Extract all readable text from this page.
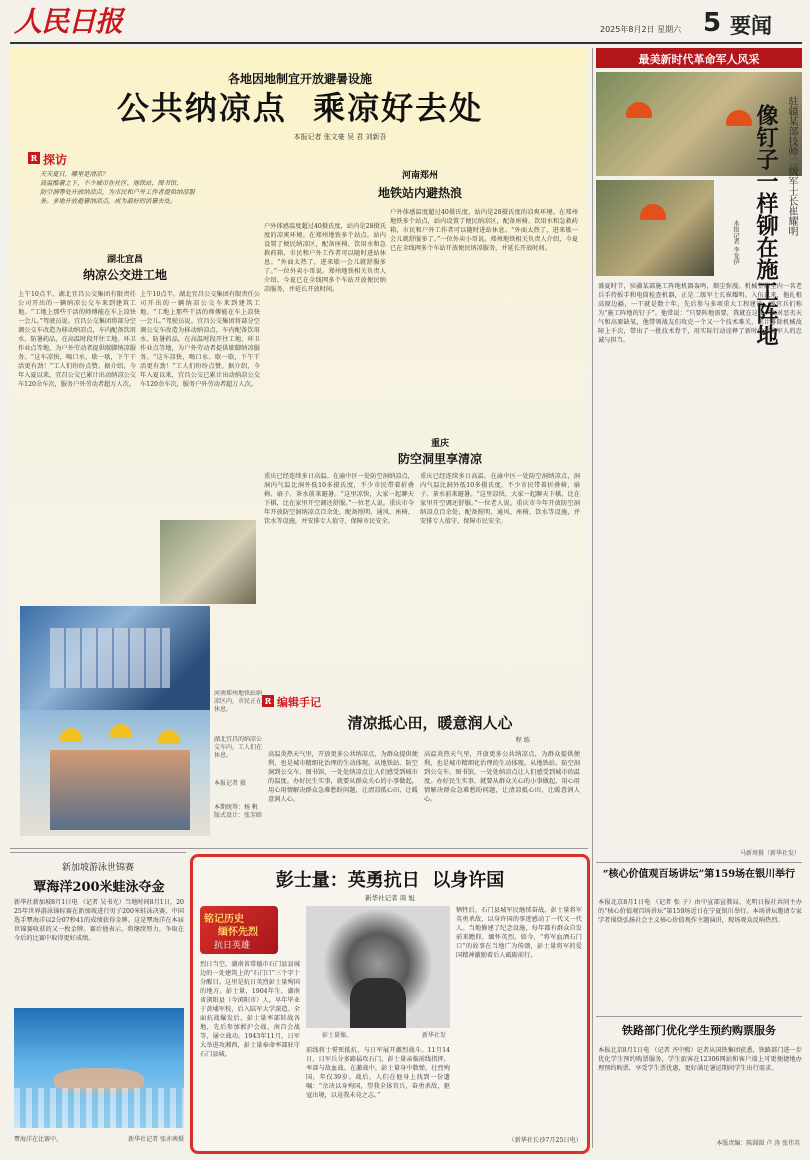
人民日报	2025年8月2日 星期六 5 要闻
各地因地制宜开放避暑设施
公共纳凉点  乘凉好去处
本报记者 张文豪 吴 君 刘新吾
R 探访
天天夏日，哪里是清凉？
高温酷暑之下，不少城市在社区、地铁站、图书馆、
防空洞等处开放纳凉点，为市民和户外工作者提供纳凉服
务。多地开放避暑纳凉点，成为最好的消暑去处。
湖北宜昌
纳凉公交进工地
上午10点半，湖北宜昌公交集团有限责任公司开出的一辆纳凉公交车来到建筑工地。“工地上那些干活的师傅能在车上凉快一会儿。”驾驶员说。宜昌公交集团将部分空调公交车改造为移动纳凉点，车内配备饮用水、防暑药品，在高温时段开往工地、环卫作业点等地，为户外劳动者提供歇脚纳凉服务。“这车凉快，喝口水、歇一歇，下午干活更有劲！”工人们纷纷点赞。据介绍，今年入夏以来，宜昌公交已累计出动纳凉公交车120余车次，服务户外劳动者超万人次。
上午10点半，湖北宜昌公交集团有限责任公司开出的一辆纳凉公交车来到建筑工地。“工地上那些干活的师傅能在车上凉快一会儿。”驾驶员说。宜昌公交集团将部分空调公交车改造为移动纳凉点，车内配备饮用水、防暑药品，在高温时段开往工地、环卫作业点等地，为户外劳动者提供歇脚纳凉服务。“这车凉快，喝口水、歇一歇，下午干活更有劲！”工人们纷纷点赞。据介绍，今年入夏以来，宜昌公交已累计出动纳凉公交车120余车次，服务户外劳动者超万人次。
户外体感温度超过40摄氏度，站内是28摄氏度的凉爽环境。在郑州地铁多个站点，站内设置了便民纳凉区，配备座椅、饮用水和急救药箱，市民和户外工作者可以随时进站休息。“外面太热了，进来歇一会儿就舒服多了。”一位外卖小哥说。郑州地铁相关负责人介绍，今夏已在全线网多个车站开放便民纳凉服务，并延长开放时间。
河南郑州
地铁站内避热浪
户外体感温度超过40摄氏度，站内是28摄氏度的凉爽环境。在郑州地铁多个站点，站内设置了便民纳凉区，配备座椅、饮用水和急救药箱，市民和户外工作者可以随时进站休息。“外面太热了，进来歇一会儿就舒服多了。”一位外卖小哥说。郑州地铁相关负责人介绍，今夏已在全线网多个车站开放便民纳凉服务，并延长开放时间。
重庆
防空洞里享清凉
重庆已经连续多日高温。在渝中区一处防空洞纳凉点，洞内气温比洞外低10多摄氏度，不少市民带着折叠椅、扇子、茶水前来避暑。“这里凉快，大家一起聊天下棋，比在家里开空调还舒服。”一位老人说。重庆市今年开放防空洞纳凉点百余处，配备照明、通风、座椅、饮水等设施，并安排专人值守，保障市民安全。
重庆已经连续多日高温。在渝中区一处防空洞纳凉点，洞内气温比洞外低10多摄氏度，不少市民带着折叠椅、扇子、茶水前来避暑。“这里凉快，大家一起聊天下棋，比在家里开空调还舒服。”一位老人说。重庆市今年开放防空洞纳凉点百余处，配备照明、通风、座椅、饮水等设施，并安排专人值守，保障市民安全。
河南郑州地铁站纳凉区内，市民正在休息。
湖北宜昌的纳凉公交车内，工人们在休息。
本报记者 摄
本期统筹：杨 帆
版式设计：张芳晗
R 编辑手记
清凉抵心田，暖意润人心
程 练
高温炎热天气里，开放更多公共纳凉点，为群众提供便利，也是城市精细化治理的生动体现。从地铁站、防空洞到公交车、图书馆，一处处纳凉点让人们感受到城市的温度。办好民生实事，就要从群众关心的小事做起，用心用情解决群众急难愁盼问题，让清凉抵心田，让暖意润人心。
高温炎热天气里，开放更多公共纳凉点，为群众提供便利，也是城市精细化治理的生动体现。从地铁站、防空洞到公交车、图书馆，一处处纳凉点让人们感受到城市的温度。办好民生实事，就要从群众关心的小事做起，用心用情解决群众急难愁盼问题，让清凉抵心田，让暖意润人心。
最美新时代革命军人风采
像钉子一样铆在施工阵地 驻疆某部技师二级军士长崔耀明
本报记者 李龙伊
盛夏时节，驻疆某部施工阵地机器轰鸣，烟尘弥漫。机械整修室内一名老兵手持扳手和电筒检查机器，正是二级军士长崔耀明。入伍以来，他扎根高原边疆，一干就是数十年，先后参与多项重大工程建设，被官兵们称为“施工阵地的钉子”。他常说：“只要阵地需要，我就在这里。”面对恶劣天气和高原缺氧，他带领战友们攻克一个又一个技术难关，累计排除机械故障上千次，带出了一批技术骨干，用实际行动诠释了新时代革命军人的忠诚与担当。
马新周摄（新华社发）
“核心价值观百场讲坛”第159场在银川举行
本报北京8月1日电 （记者 张 子）由中宣部宣教局、光明日报社共同主办的“核心价值观百场讲坛”第159场近日在宁夏银川举行。本场讲坛邀请专家学者围绕弘扬社会主义核心价值观作主题演讲，现场观众反响热烈。
铁路部门优化学生预约购票服务
本报北京8月1日电 （记者 齐中熙）记者从国铁集团获悉，铁路部门进一步优化学生预约购票服务，学生旅客在12306网站和客户端上可更便捷地办理预约购票，享受学生票优惠，更好满足暑运期间学生出行需求。
本版责编：陈圆圆 卢 涛 张伟英
新加坡游泳世锦赛
覃海洋200米蛙泳夺金
新华社新加坡8月1日电 （记者 吴书光）当地时间8月1日，2025年世界游泳锦标赛在新加坡进行男子200米蛙泳决赛，中国选手覃海洋以2分07秒41的成绩获得金牌。这是覃海洋在本届世锦赛收获的又一枚金牌。赛后他表示，将继续努力，争取在今后的比赛中取得更好成绩。
覃海洋在比赛中。	新华社记者 张亦茜摄
彭士量：英勇抗日  以身许国
新华社记者 周 旭
铭记历史
缅怀先烈
抗日英雄
烈日当空，湖南省常德市石门县县城边的一处建筑上的“石门口”三个字十分醒目。这里是抗日英烈彭士量殉国的地方。彭士量，1904年生，湖南省浏阳县（今浏阳市）人。早年毕业于黄埔军校，后入陆军大学深造。全面抗战爆发后，彭士量率部转战各地，先后参加淞沪会战、南昌会战等，屡立战功。1943年11月，日军大举进攻湘西，彭士量奉命率部驻守石门县城。
彭士量像。	新华社发
前线将士誓死抵抗，与日军展开激烈战斗。11月14日，日军兵分多路猛攻石门，彭士量亲临前线指挥，率部与敌血战。在激战中，彭士量身中数弹，壮烈殉国，年仅39岁。战后，人们在他身上找到一份遗嘱：“余决以身殉国，望我全体官兵，奋勇杀敌，驱寇出境，以竟我未竟之志。”
牺牲后，石门县城军民继续奋战。彭士量将军英勇杀敌、以身许国的事迹感动了一代又一代人。当地修建了纪念设施，每年都有群众自发前来瞻仰，缅怀英烈。如今，“将军血洒石门口”的故事在当地广为传颂，彭士量将军的爱国精神激励着后人砥砺前行。
（新华社长沙7月25日电）
